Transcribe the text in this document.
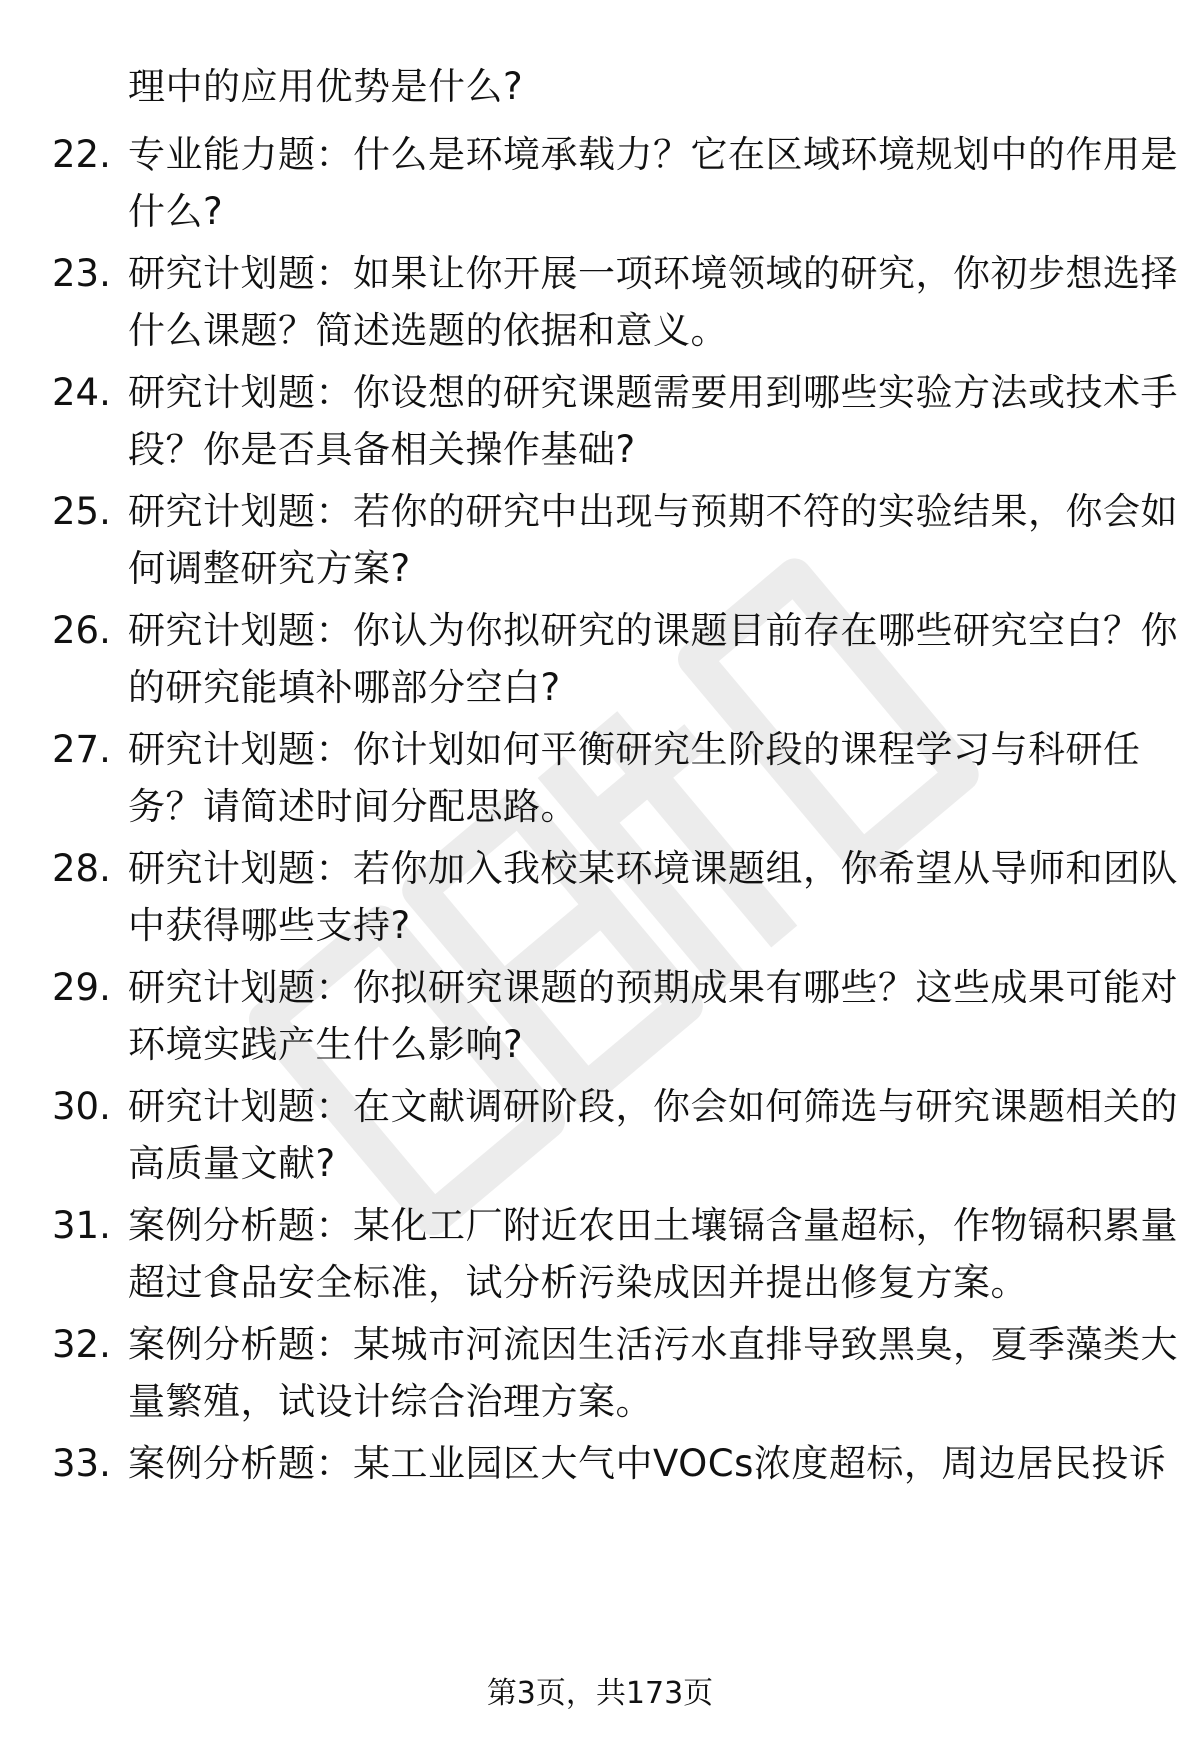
理中的应用优势是什么?
22. 专业能力题：什么是环境承载力？它在区域环境规划中的作用是
什么?
23. 研究计划题：如果让你开展一项环境领域的研究，你初步想选择
什么课题？简述选题的依据和意义。
24. 研究计划题：你设想的研究课题需要用到哪些实验方法或技术手
段？你是否具备相关操作基础?
25. 研究计划题：若你的研究中出现与预期不符的实验结果，你会如
何调整研究方案?
26. 研究计划题：你认为你拟研究的课题目前存在哪些研究空白？你
的研究能填补哪部分空白?
27. 研究计划题：你计划如何平衡研究生阶段的课程学习与科研任
务？请简述时间分配思路。
28. 研究计划题：若你加入我校某环境课题组，你希望从导师和团队
中获得哪些支持?
29. 研究计划题：你拟研究课题的预期成果有哪些？这些成果可能对
环境实践产生什么影响?
30. 研究计划题：在文献调研阶段，你会如何筛选与研究课题相关的
高质量文献?
31. 案例分析题：某化工厂附近农田土壤镉含量超标，作物镉积累量
超过食品安全标准，试分析污染成因并提出修复方案。
32. 案例分析题：某城市河流因生活污水直排导致黑臭，夏季藻类大
量繁殖，试设计综合治理方案。
33. 案例分析题：某工业园区大气中VOCs浓度超标，周边居民投诉
第3页，共173页
